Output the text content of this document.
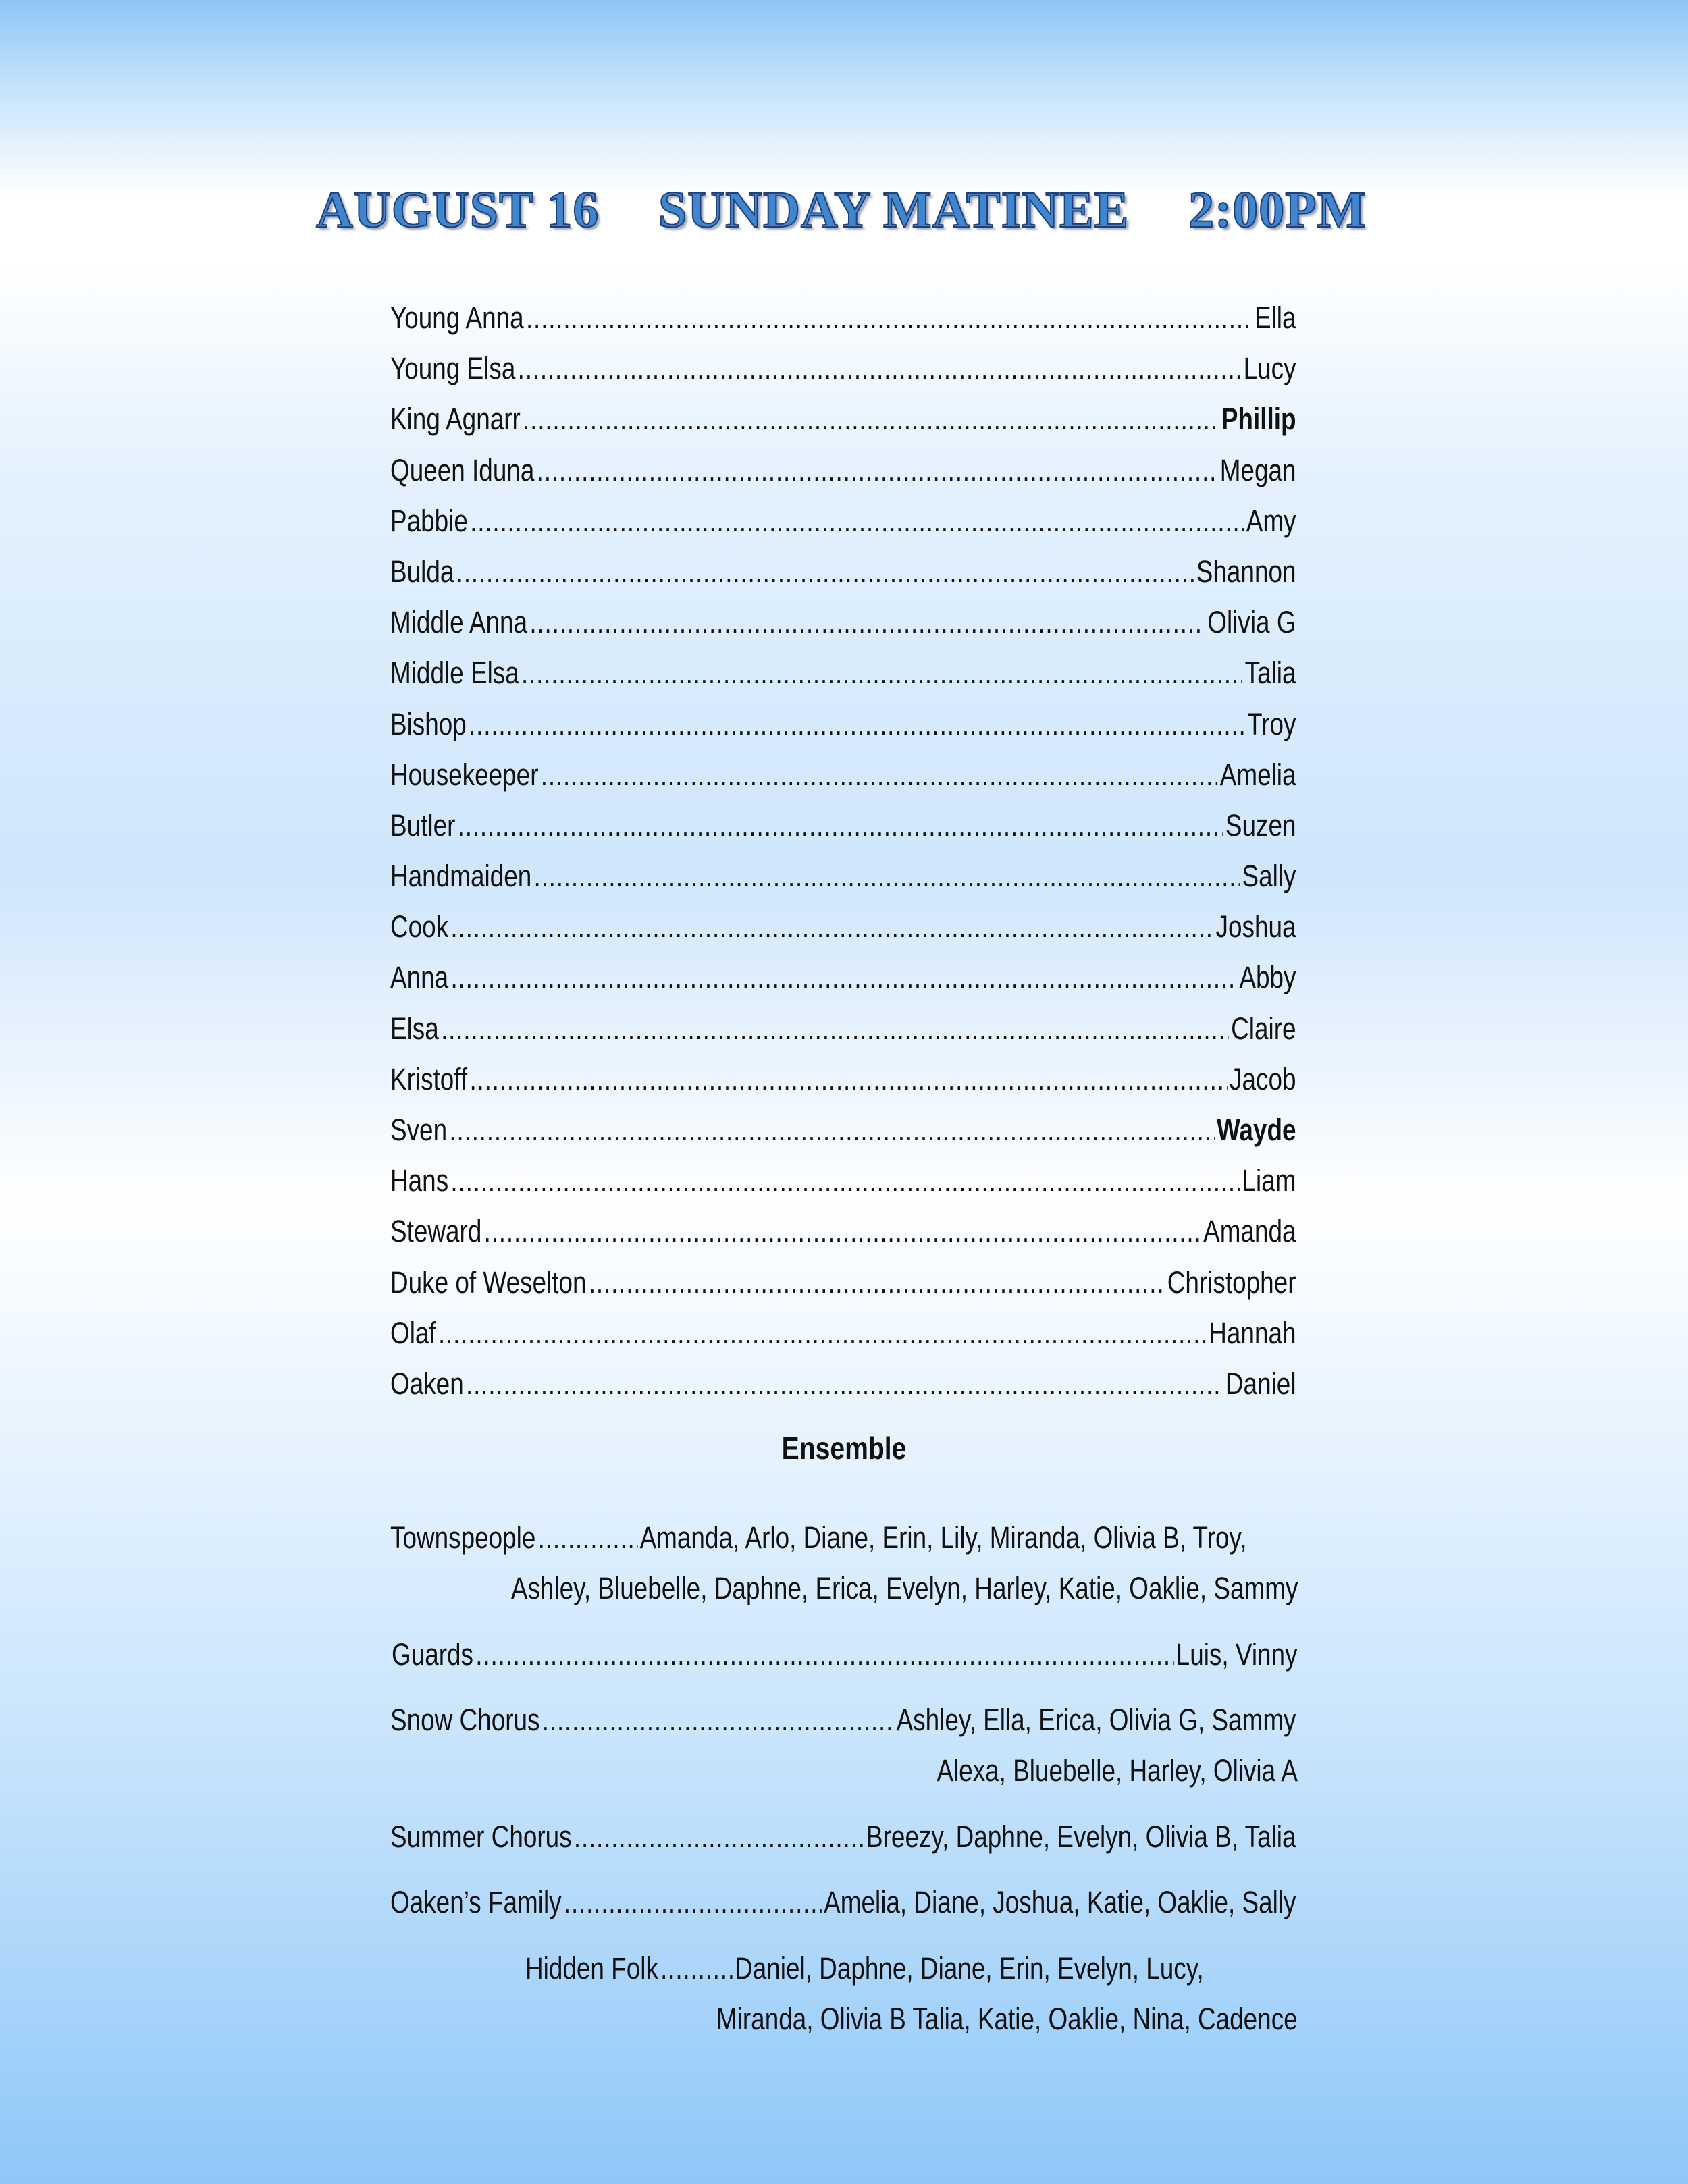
AUGUST 16 SUNDAY MATINEE 2:00PM
Young Anna .....	Ella
Young Elsa .....	Lucy
King Agnarr .....	Phillip
Queen Iduna .....	Megan
Pabbie .....	Amy
Bulda .....	Shannon
Middle Anna .....	Olivia G
Middle Elsa .....	Talia
Bishop .....	Troy
Housekeeper .....	Amelia
Butler .....	Suzen
Handmaiden .....	Sally
Cook .....	Joshua
Anna .....	Abby
Elsa .....	Claire
Kristoff .....	Jacob
Sven .....	Wayde
Hans .....	Liam
Steward .....	Amanda
Duke of Weselton .....	Christopher
Olaf .....	Hannah
Oaken .....	Daniel
Ensemble
Townspeople .....	Amanda, Arlo, Diane, Erin, Lily, Miranda, Olivia B, Troy,
Ashley, Bluebelle, Daphne, Erica, Evelyn, Harley, Katie, Oaklie, Sammy
Guards .....	Luis, Vinny
Snow Chorus .....	Ashley, Ella, Erica, Olivia G, Sammy
Alexa, Bluebelle, Harley, Olivia A
Summer Chorus .....	Breezy, Daphne, Evelyn, Olivia B, Talia
Oaken’s Family .....	Amelia, Diane, Joshua, Katie, Oaklie, Sally
Hidden Folk .....	Daniel, Daphne, Diane, Erin, Evelyn, Lucy,
Miranda, Olivia B Talia, Katie, Oaklie, Nina, Cadence
